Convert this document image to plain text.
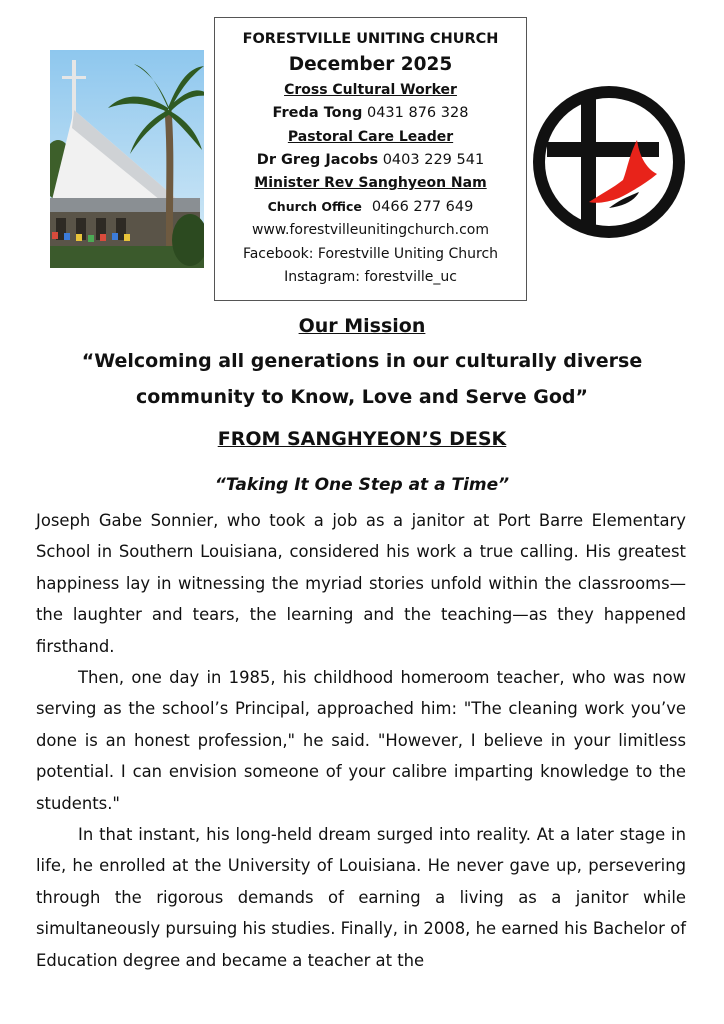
FORESTVILLE UNITING CHURCH
December 2025
Cross Cultural Worker
Freda Tong 0431 876 328
Pastoral Care Leader
Dr Greg Jacobs 0403 229 541
Minister Rev Sanghyeon Nam
Church Office 0466 277 649
www.forestvilleunitingchurch.com
Facebook: Forestville Uniting Church
Instagram: forestville_uc
Our Mission
“Welcoming all generations in our culturally diverse community to Know, Love and Serve God”
FROM SANGHYEON’S DESK
“Taking It One Step at a Time”

Joseph Gabe Sonnier, who took a job as a janitor at Port Barre Elementary School in Southern Louisiana, considered his work a true calling. His greatest happiness lay in witnessing the myriad stories unfold within the classrooms—the laughter and tears, the learning and the teaching—as they happened firsthand.

Then, one day in 1985, his childhood homeroom teacher, who was now serving as the school’s Principal, approached him: "The cleaning work you’ve done is an honest profession," he said. "However, I believe in your limitless potential. I can envision someone of your calibre imparting knowledge to the students."

In that instant, his long-held dream surged into reality. At a later stage in life, he enrolled at the University of Louisiana. He never gave up, persevering through the rigorous demands of earning a living as a janitor while simultaneously pursuing his studies. Finally, in 2008, he earned his Bachelor of Education degree and became a teacher at the
